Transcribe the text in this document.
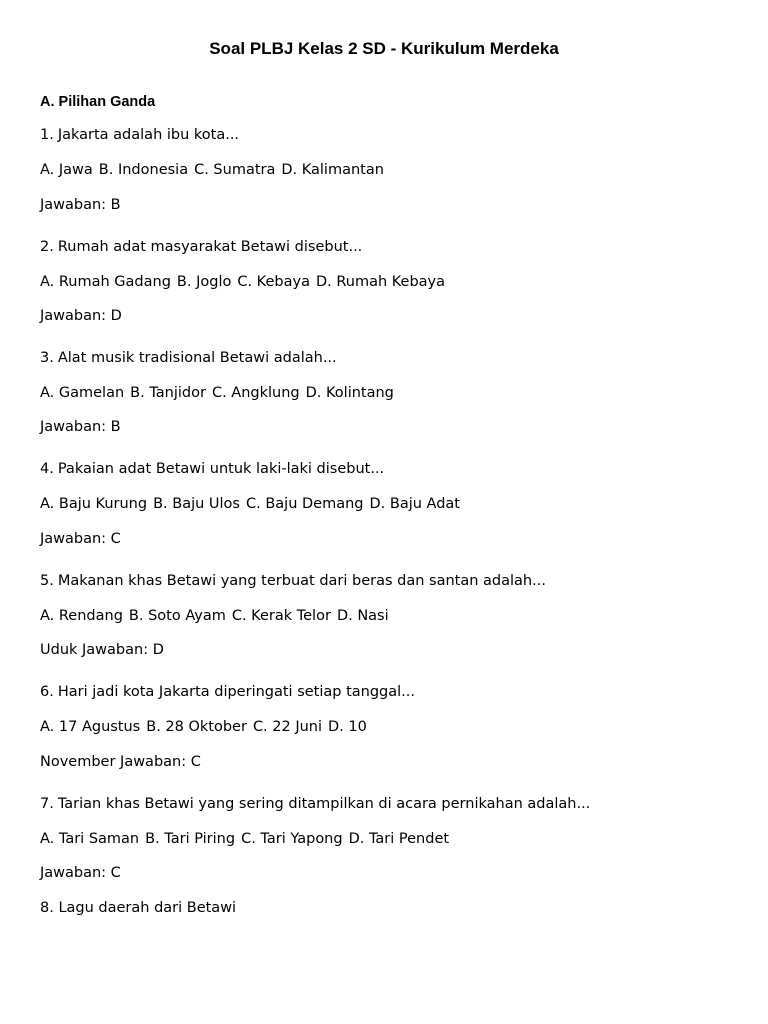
Soal PLBJ Kelas 2 SD - Kurikulum Merdeka
A. Pilihan Ganda
1. Jakarta adalah ibu kota...
A. Jawa B. Indonesia C. Sumatra D. Kalimantan
Jawaban: B
2. Rumah adat masyarakat Betawi disebut...
A. Rumah Gadang B. Joglo C. Kebaya D. Rumah Kebaya
Jawaban: D
3. Alat musik tradisional Betawi adalah...
A. Gamelan B. Tanjidor C. Angklung D. Kolintang
Jawaban: B
4. Pakaian adat Betawi untuk laki-laki disebut...
A. Baju Kurung B. Baju Ulos C. Baju Demang D. Baju Adat
Jawaban: C
5. Makanan khas Betawi yang terbuat dari beras dan santan adalah...
A. Rendang B. Soto Ayam C. Kerak Telor D. Nasi
Uduk Jawaban: D
6. Hari jadi kota Jakarta diperingati setiap tanggal...
A. 17 Agustus B. 28 Oktober C. 22 Juni D. 10
November Jawaban: C
7. Tarian khas Betawi yang sering ditampilkan di acara pernikahan adalah...
A. Tari Saman B. Tari Piring C. Tari Yapong D. Tari Pendet
Jawaban: C
8. Lagu daerah dari Betawi
